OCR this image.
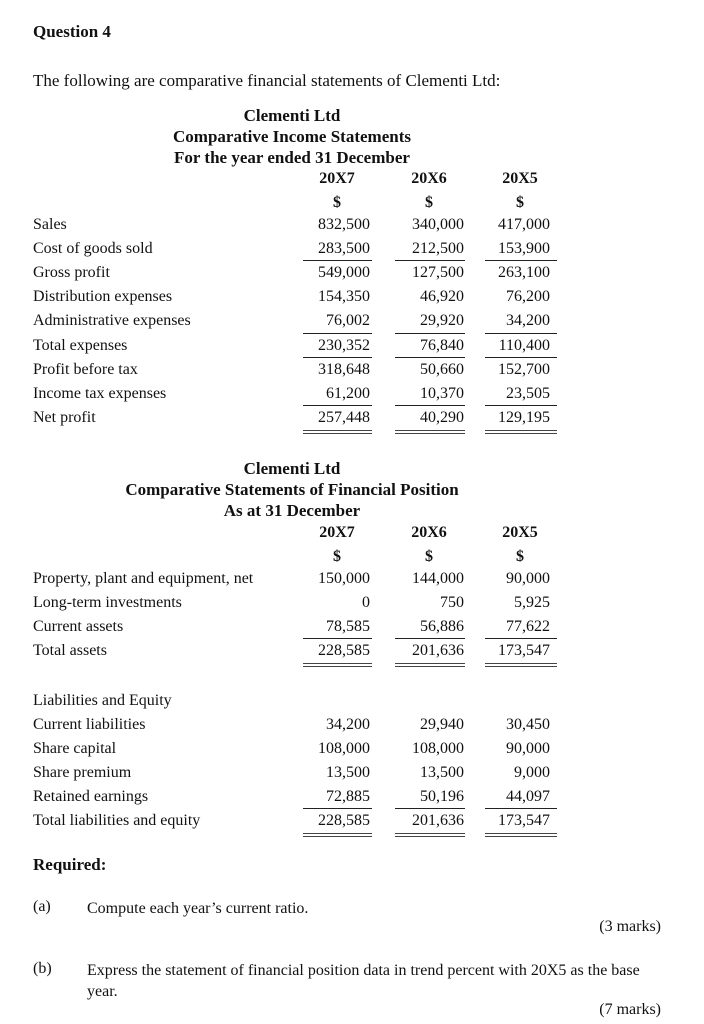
Question 4
The following are comparative financial statements of Clementi Ltd:
Clementi Ltd
Comparative Income Statements
For the year ended 31 December
20X7	20X6	20X5
$	$	$
Sales	832,500	340,000	417,000
Cost of goods sold	283,500	212,500	153,900
Gross profit	549,000	127,500	263,100
Distribution expenses	154,350	46,920	76,200
Administrative expenses	76,002	29,920	34,200
Total expenses	230,352	76,840	110,400
Profit before tax	318,648	50,660	152,700
Income tax expenses	61,200	10,370	23,505
Net profit	257,448	40,290	129,195
Clementi Ltd
Comparative Statements of Financial Position
As at 31 December
20X7	20X6	20X5
$	$	$
Property, plant and equipment, net	150,000	144,000	90,000
Long-term investments	0	750	5,925
Current assets	78,585	56,886	77,622
Total assets	228,585	201,636	173,547
Liabilities and Equity
Current liabilities	34,200	29,940	30,450
Share capital	108,000	108,000	90,000
Share premium	13,500	13,500	9,000
Retained earnings	72,885	50,196	44,097
Total liabilities and equity	228,585	201,636	173,547
Required:
(a) Compute each year’s current ratio.
(3 marks)
(b) Express the statement of financial position data in trend percent with 20X5 as the base year.
(7 marks)
